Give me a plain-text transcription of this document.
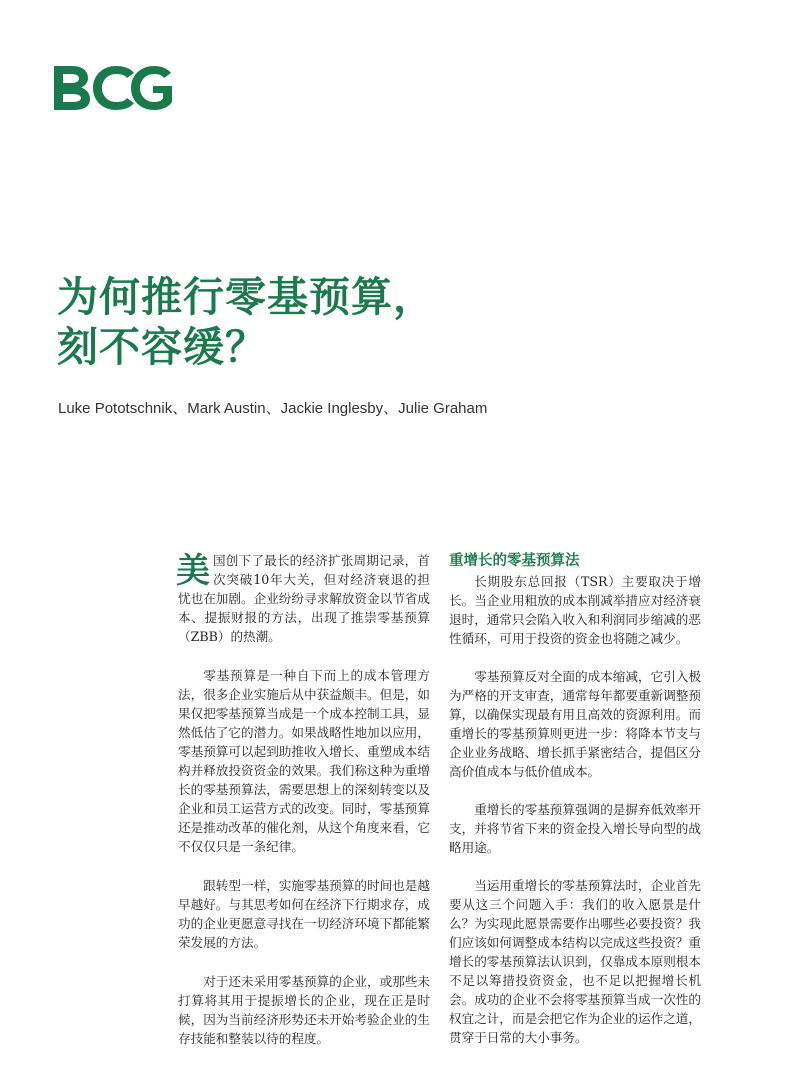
为何推行零基预算，
刻不容缓？
Luke Pototschnik、Mark Austin、Jackie Inglesby、Julie Graham

美国创下了最长的经济扩张周期记录，首次突破10年大关，但对经济衰退的担忧也在加剧。企业纷纷寻求解放资金以节省成本、提振财报的方法，出现了推崇零基预算（ZBB）的热潮。

零基预算是一种自下而上的成本管理方法，很多企业实施后从中获益颇丰。但是，如果仅把零基预算当成是一个成本控制工具，显然低估了它的潜力。如果战略性地加以应用，零基预算可以起到助推收入增长、重塑成本结构并释放投资资金的效果。我们称这种为重增长的零基预算法，需要思想上的深刻转变以及企业和员工运营方式的改变。同时，零基预算还是推动改革的催化剂，从这个角度来看，它不仅仅只是一条纪律。

跟转型一样，实施零基预算的时间也是越早越好。与其思考如何在经济下行期求存，成功的企业更愿意寻找在一切经济环境下都能繁荣发展的方法。

对于还未采用零基预算的企业，或那些未打算将其用于提振增长的企业，现在正是时候，因为当前经济形势还未开始考验企业的生存技能和整装以待的程度。

重增长的零基预算法

长期股东总回报（TSR）主要取决于增长。当企业用粗放的成本削减举措应对经济衰退时，通常只会陷入收入和利润同步缩减的恶性循环，可用于投资的资金也将随之减少。

零基预算反对全面的成本缩减，它引入极为严格的开支审查，通常每年都要重新调整预算，以确保实现最有用且高效的资源利用。而重增长的零基预算则更进一步：将降本节支与企业业务战略、增长抓手紧密结合，提倡区分高价值成本与低价值成本。

重增长的零基预算强调的是摒弃低效率开支，并将节省下来的资金投入增长导向型的战略用途。

当运用重增长的零基预算法时，企业首先要从这三个问题入手：我们的收入愿景是什么？为实现此愿景需要作出哪些必要投资？我们应该如何调整成本结构以完成这些投资？重增长的零基预算法认识到，仅靠成本原则根本不足以筹措投资资金，也不足以把握增长机会。成功的企业不会将零基预算当成一次性的权宜之计，而是会把它作为企业的运作之道，贯穿于日常的大小事务。
